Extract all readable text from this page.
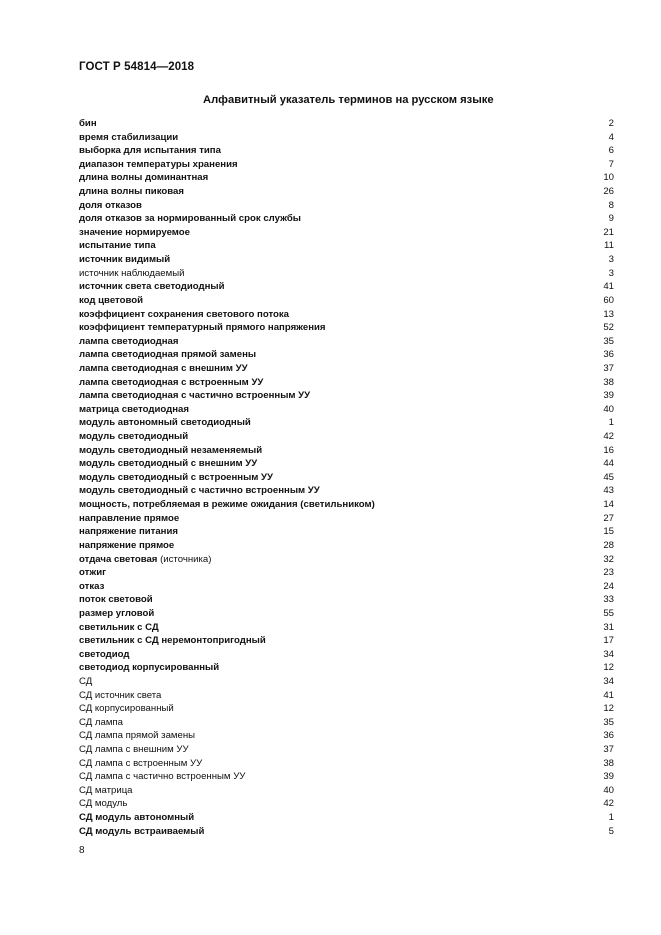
ГОСТ Р 54814—2018
Алфавитный указатель терминов на русском языке
бин	2
время стабилизации	4
выборка для испытания типа	6
диапазон температуры хранения	7
длина волны доминантная	10
длина волны пиковая	26
доля отказов	8
доля отказов за нормированный срок службы	9
значение нормируемое	21
испытание типа	11
источник видимый	3
источник наблюдаемый	3
источник света светодиодный	41
код цветовой	60
коэффициент сохранения светового потока	13
коэффициент температурный прямого напряжения	52
лампа светодиодная	35
лампа светодиодная прямой замены	36
лампа светодиодная с внешним УУ	37
лампа светодиодная с встроенным УУ	38
лампа светодиодная с частично встроенным УУ	39
матрица светодиодная	40
модуль автономный светодиодный	1
модуль светодиодный	42
модуль светодиодный незаменяемый	16
модуль светодиодный с внешним УУ	44
модуль светодиодный с встроенным УУ	45
модуль светодиодный с частично встроенным УУ	43
мощность, потребляемая в режиме ожидания (светильником)	14
направление прямое	27
напряжение питания	15
напряжение прямое	28
отдача световая (источника)	32
отжиг	23
отказ	24
поток световой	33
размер угловой	55
светильник с СД	31
светильник с СД неремонтопригодный	17
светодиод	34
светодиод корпусированный	12
СД	34
СД источник света	41
СД корпусированный	12
СД лампа	35
СД лампа прямой замены	36
СД лампа с внешним УУ	37
СД лампа с встроенным УУ	38
СД лампа с частично встроенным УУ	39
СД матрица	40
СД модуль	42
СД модуль автономный	1
СД модуль встраиваемый	5
8
